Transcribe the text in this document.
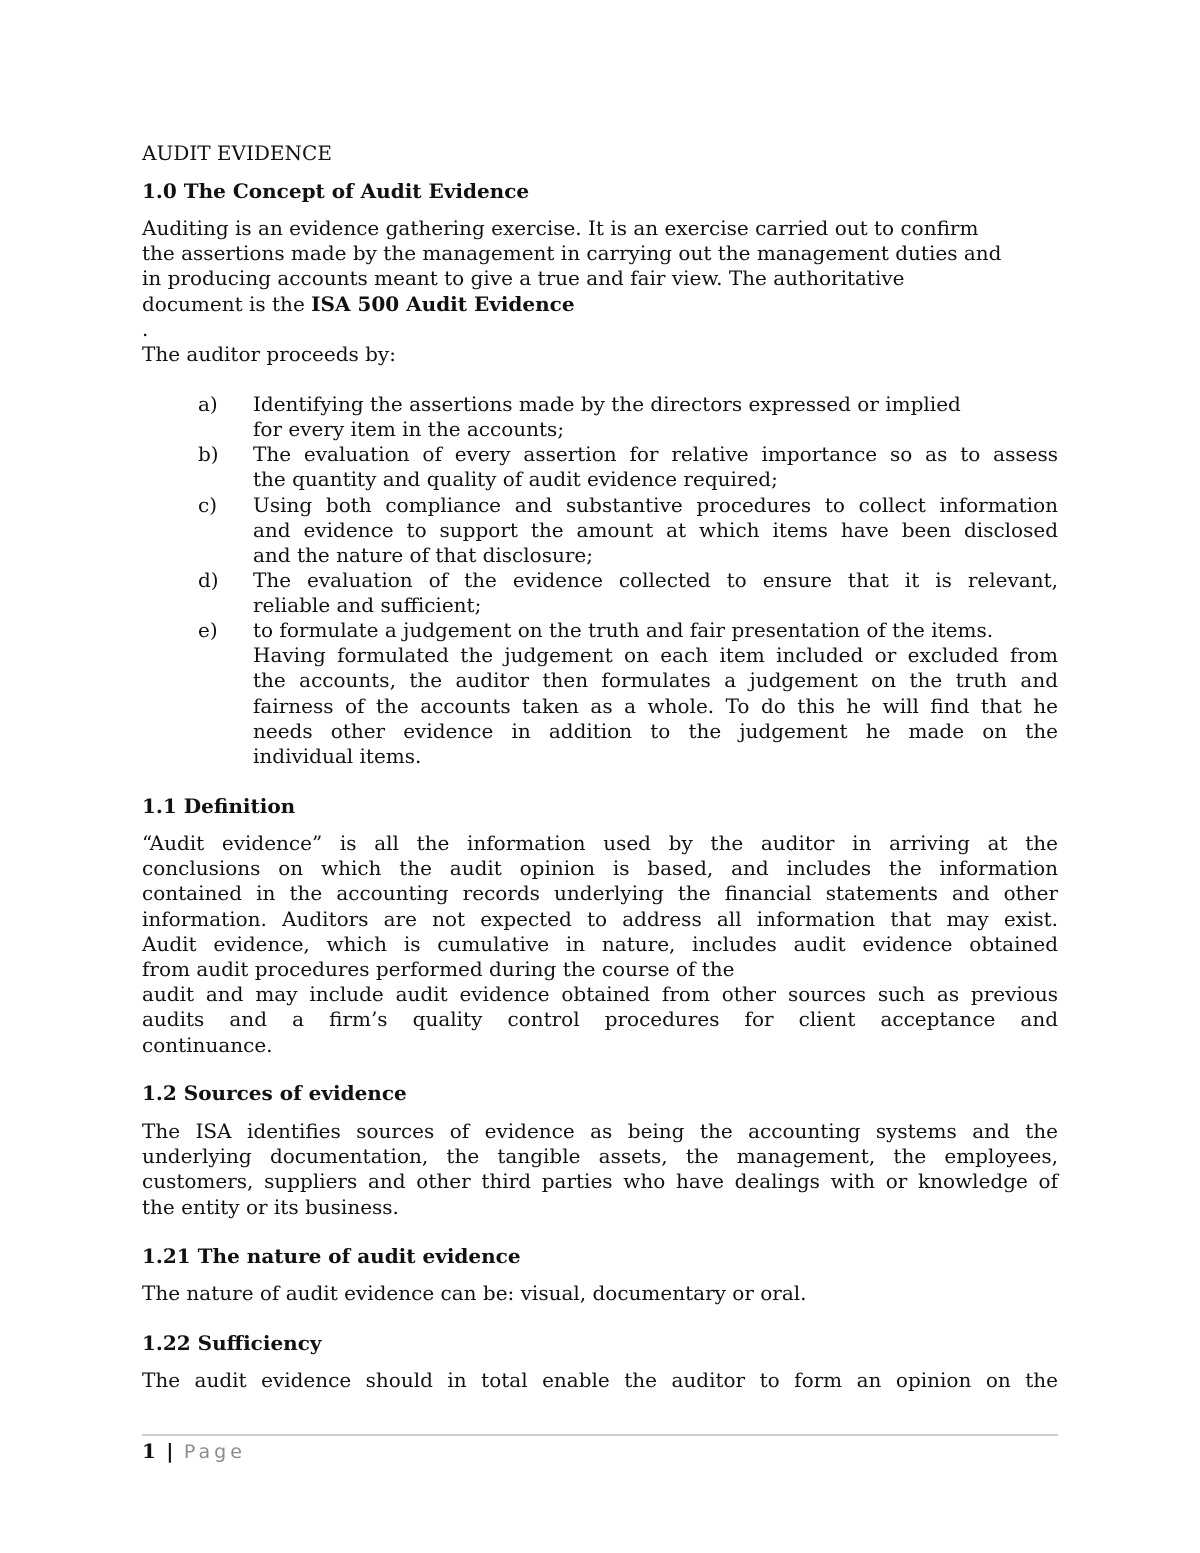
AUDIT EVIDENCE
1.0 The Concept of Audit Evidence
Auditing is an evidence gathering exercise. It is an exercise carried out to confirm
the assertions made by the management in carrying out the management duties and
in producing accounts meant to give a true and fair view. The authoritative
document is the ISA 500 Audit Evidence
.
The auditor proceeds by:
a)	Identifying the assertions made by the directors expressed or implied
for every item in the accounts;
b)	The evaluation of every assertion for relative importance so as to assess
the quantity and quality of audit evidence required;
c)	Using both compliance and substantive procedures to collect information
and evidence to support the amount at which items have been disclosed
and the nature of that disclosure;
d)	The evaluation of the evidence collected to ensure that it is relevant,
reliable and sufficient;
e)	to formulate a judgement on the truth and fair presentation of the items.
Having formulated the judgement on each item included or excluded from
the accounts, the auditor then formulates a judgement on the truth and
fairness of the accounts taken as a whole. To do this he will find that he
needs other evidence in addition to the judgement he made on the
individual items.
1.1 Definition
“Audit evidence” is all the information used by the auditor in arriving at the
conclusions on which the audit opinion is based, and includes the information
contained in the accounting records underlying the financial statements and other
information. Auditors are not expected to address all information that may exist.
Audit evidence, which is cumulative in nature, includes audit evidence obtained
from audit procedures performed during the course of the
audit and may include audit evidence obtained from other sources such as previous
audits and a firm’s quality control procedures for client acceptance and
continuance.
1.2 Sources of evidence
The ISA identifies sources of evidence as being the accounting systems and the
underlying documentation, the tangible assets, the management, the employees,
customers, suppliers and other third parties who have dealings with or knowledge of
the entity or its business.
1.21 The nature of audit evidence
The nature of audit evidence can be: visual, documentary or oral.
1.22 Sufficiency
The audit evidence should in total enable the auditor to form an opinion on the
1 | Page
